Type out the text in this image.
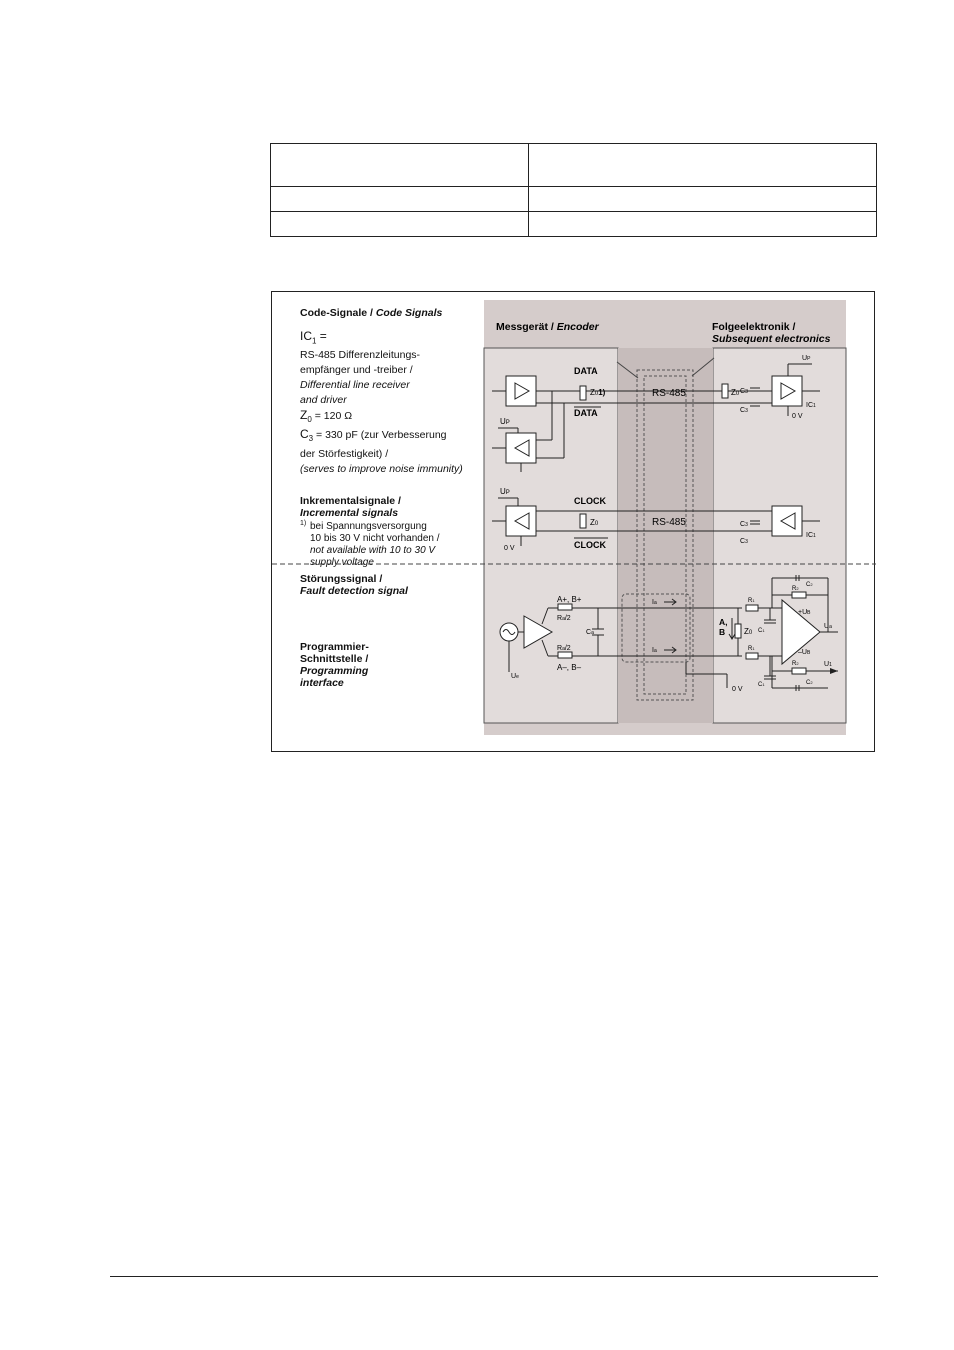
Code-Signale / Code Signals
$IC_1$ =
RS-485 Differenzleitungs-
empfänger und -treiber /
Differential line receiver
and driver
$Z_0 = 120$ Ω
$C_3 = 330$ pF (zur Verbesserung
der Störfestigkeit) /
(serves to improve noise immunity)
Inkrementalsignale /
Incremental signals
1) bei Spannungsversorgung
10 bis 30 V nicht vorhanden /
not available with 10 to 30 V
supply voltage
Störungssignal /
Fault detection signal
Programmier-
Schnittstelle /
Programming
interface
Messgerät / Encoder	Folgeelektronik /
Subsequent electronics
DATA
DATA
Z01)	RS-485
UP
Z0 C3
C3
IC1
UP
0 V
Z0
CLOCK
CLOCK
RS-485
UP
0 V
C3
C3
IC1
Ue
A+, B+
A–, B–
Ra/2
Ra/2
Ca
Ia
Ia
0 V
A,
B Z0
R1
R1
C1
C1
+UB
–UB
Ua
C2
R2
R2
C2
U1
